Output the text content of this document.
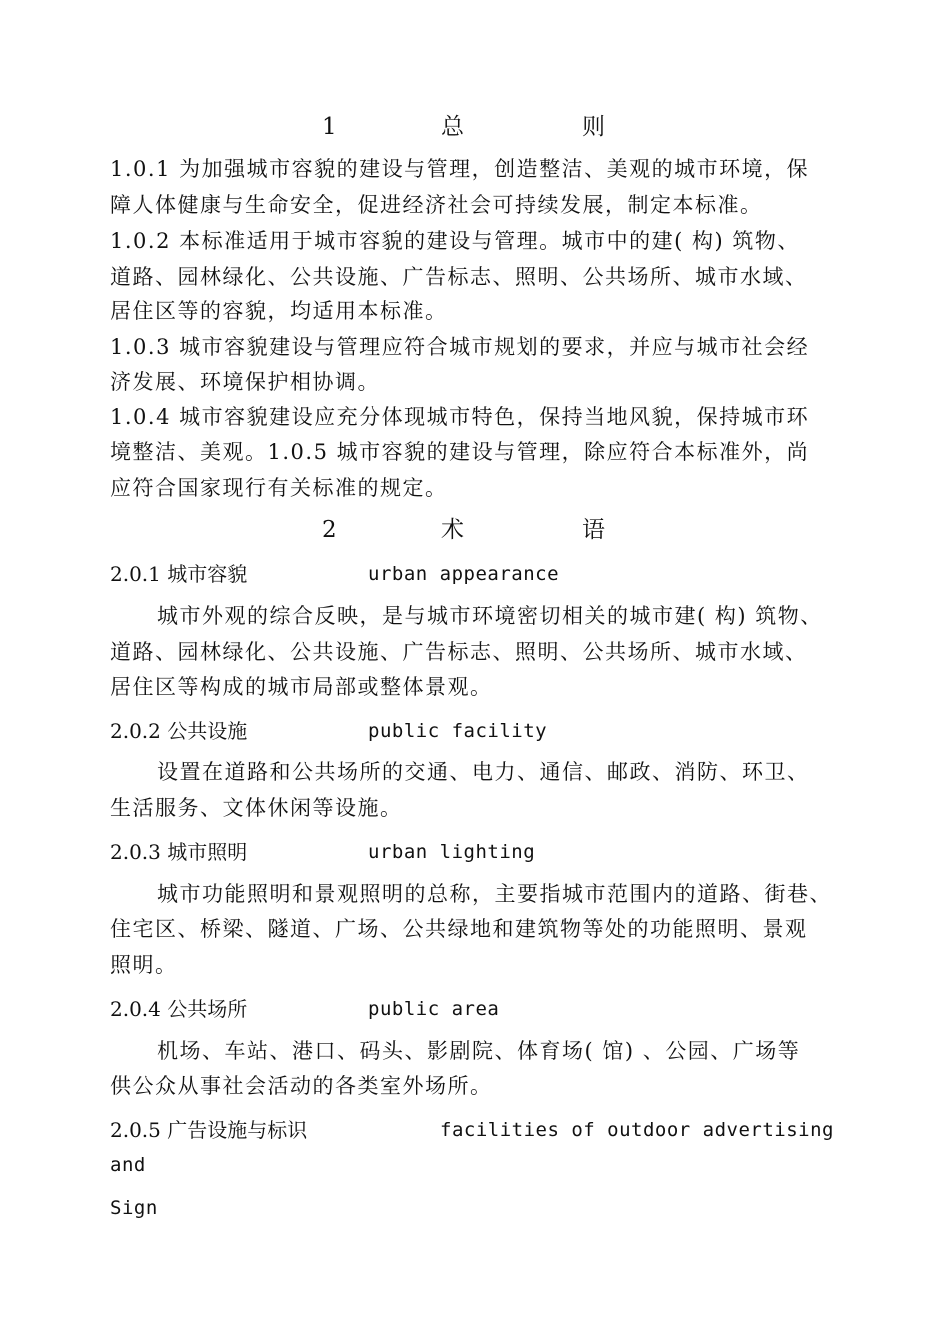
1	总	则
1.0.1 为加强城市容貌的建设与管理，创造整洁、美观的城市环境，保
障人体健康与生命安全，促进经济社会可持续发展，制定本标准。
1.0.2 本标准适用于城市容貌的建设与管理。城市中的建( 构) 筑物、
道路、园林绿化、公共设施、广告标志、照明、公共场所、城市水域、
居住区等的容貌，均适用本标准。
1.0.3 城市容貌建设与管理应符合城市规划的要求，并应与城市社会经
济发展、环境保护相协调。
1.0.4 城市容貌建设应充分体现城市特色，保持当地风貌，保持城市环
境整洁、美观。1.0.5 城市容貌的建设与管理，除应符合本标准外，尚
应符合国家现行有关标准的规定。
2	术	语
2.0.1 城市容貌	urban appearance
城市外观的综合反映，是与城市环境密切相关的城市建( 构) 筑物、
道路、园林绿化、公共设施、广告标志、照明、公共场所、城市水域、
居住区等构成的城市局部或整体景观。
2.0.2 公共设施	public facility
设置在道路和公共场所的交通、电力、通信、邮政、消防、环卫、
生活服务、文体休闲等设施。
2.0.3 城市照明	urban lighting
城市功能照明和景观照明的总称，主要指城市范围内的道路、街巷、
住宅区、桥梁、隧道、广场、公共绿地和建筑物等处的功能照明、景观
照明。
2.0.4 公共场所	public area
机场、车站、港口、码头、影剧院、体育场( 馆) 、公园、广场等
供公众从事社会活动的各类室外场所。
2.0.5 广告设施与标识	facilities of outdoor advertising
and
Sign
